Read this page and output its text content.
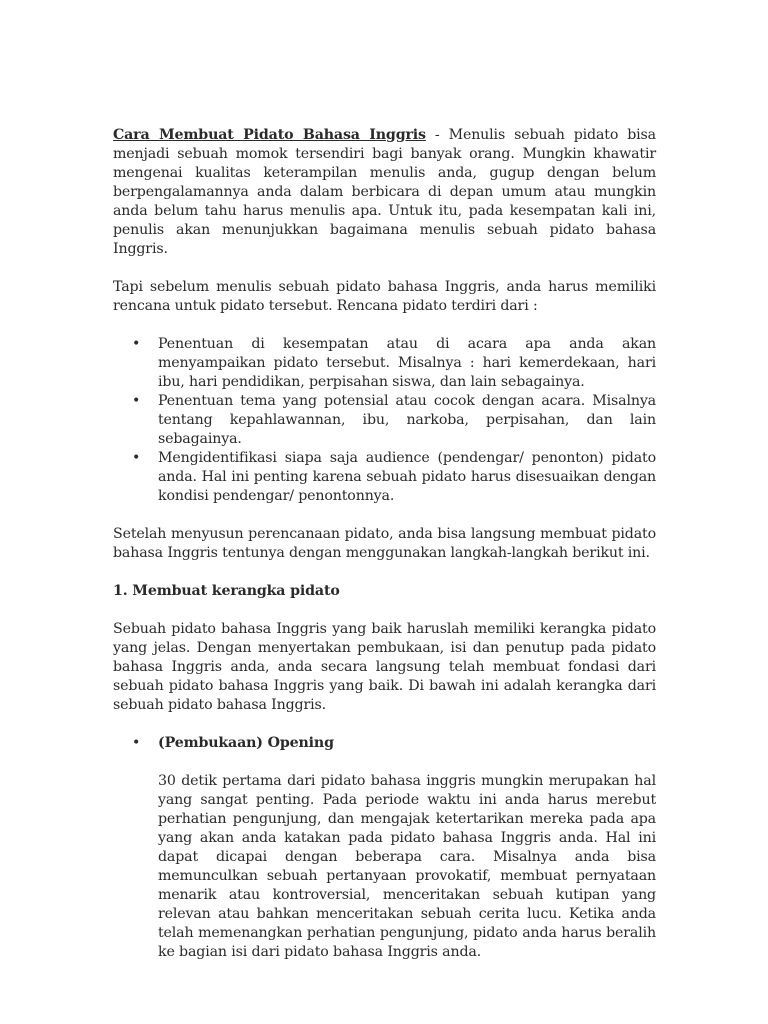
Cara Membuat Pidato Bahasa Inggris - Menulis sebuah pidato bisa menjadi sebuah momok tersendiri bagi banyak orang. Mungkin khawatir mengenai kualitas keterampilan menulis anda, gugup dengan belum berpengalamannya anda dalam berbicara di depan umum atau mungkin anda belum tahu harus menulis apa. Untuk itu, pada kesempatan kali ini, penulis akan menunjukkan bagaimana menulis sebuah pidato bahasa Inggris.

Tapi sebelum menulis sebuah pidato bahasa Inggris, anda harus memiliki rencana untuk pidato tersebut. Rencana pidato terdiri dari :

• Penentuan di kesempatan atau di acara apa anda akan menyampaikan pidato tersebut. Misalnya : hari kemerdekaan, hari ibu, hari pendidikan, perpisahan siswa, dan lain sebagainya.
• Penentuan tema yang potensial atau cocok dengan acara. Misalnya tentang kepahlawannan, ibu, narkoba, perpisahan, dan lain sebagainya.
• Mengidentifikasi siapa saja audience (pendengar/ penonton) pidato anda. Hal ini penting karena sebuah pidato harus disesuaikan dengan kondisi pendengar/ penontonnya.

Setelah menyusun perencanaan pidato, anda bisa langsung membuat pidato bahasa Inggris tentunya dengan menggunakan langkah-langkah berikut ini.

1. Membuat kerangka pidato

Sebuah pidato bahasa Inggris yang baik haruslah memiliki kerangka pidato yang jelas. Dengan menyertakan pembukaan, isi dan penutup pada pidato bahasa Inggris anda, anda secara langsung telah membuat fondasi dari sebuah pidato bahasa Inggris yang baik. Di bawah ini adalah kerangka dari sebuah pidato bahasa Inggris.

• (Pembukaan) Opening

30 detik pertama dari pidato bahasa inggris mungkin merupakan hal yang sangat penting. Pada periode waktu ini anda harus merebut perhatian pengunjung, dan mengajak ketertarikan mereka pada apa yang akan anda katakan pada pidato bahasa Inggris anda. Hal ini dapat dicapai dengan beberapa cara. Misalnya anda bisa memunculkan sebuah pertanyaan provokatif, membuat pernyataan menarik atau kontroversial, menceritakan sebuah kutipan yang relevan atau bahkan menceritakan sebuah cerita lucu. Ketika anda telah memenangkan perhatian pengunjung, pidato anda harus beralih ke bagian isi dari pidato bahasa Inggris anda.
